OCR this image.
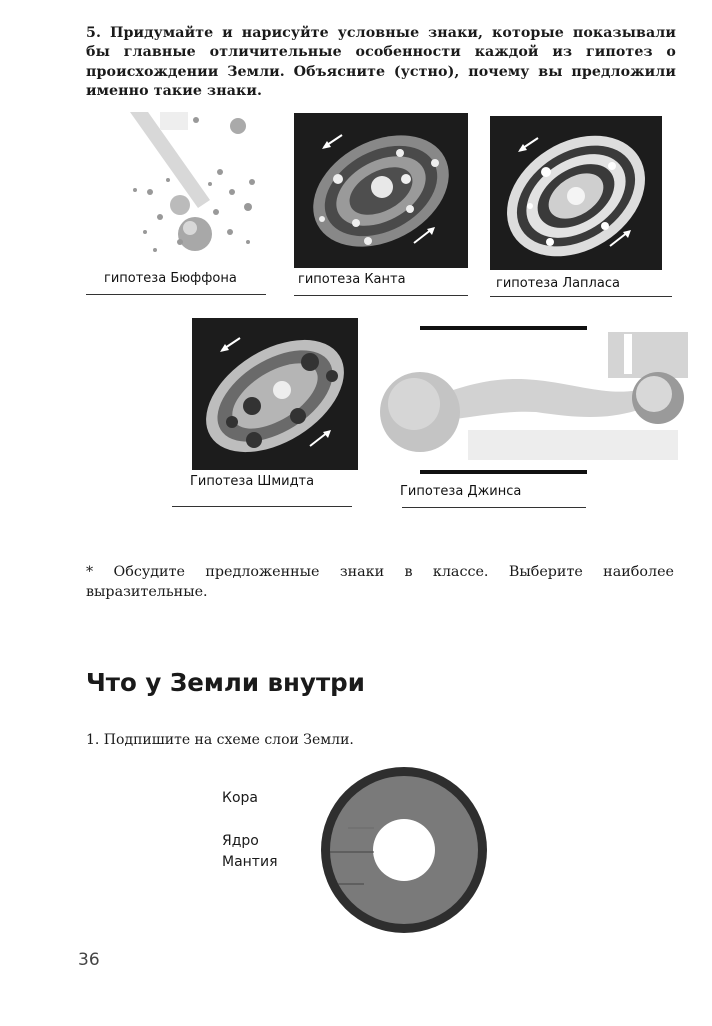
5. Придумайте и нарисуйте условные знаки, которые показывали бы главные отличительные особенности каждой из гипотез о происхождении Земли. Объясните (устно), почему вы предложили именно такие знаки.
гипотеза Бюффона	гипотеза Канта	гипотеза Лапласа
Гипотеза Шмидта
Гипотеза Джинса
* Обсудите предложенные знаки в классе. Выберите наиболее выразительные.
Что у Земли внутри
1. Подпишите на схеме слои Земли.
Кора
Ядро
Мантия
36
